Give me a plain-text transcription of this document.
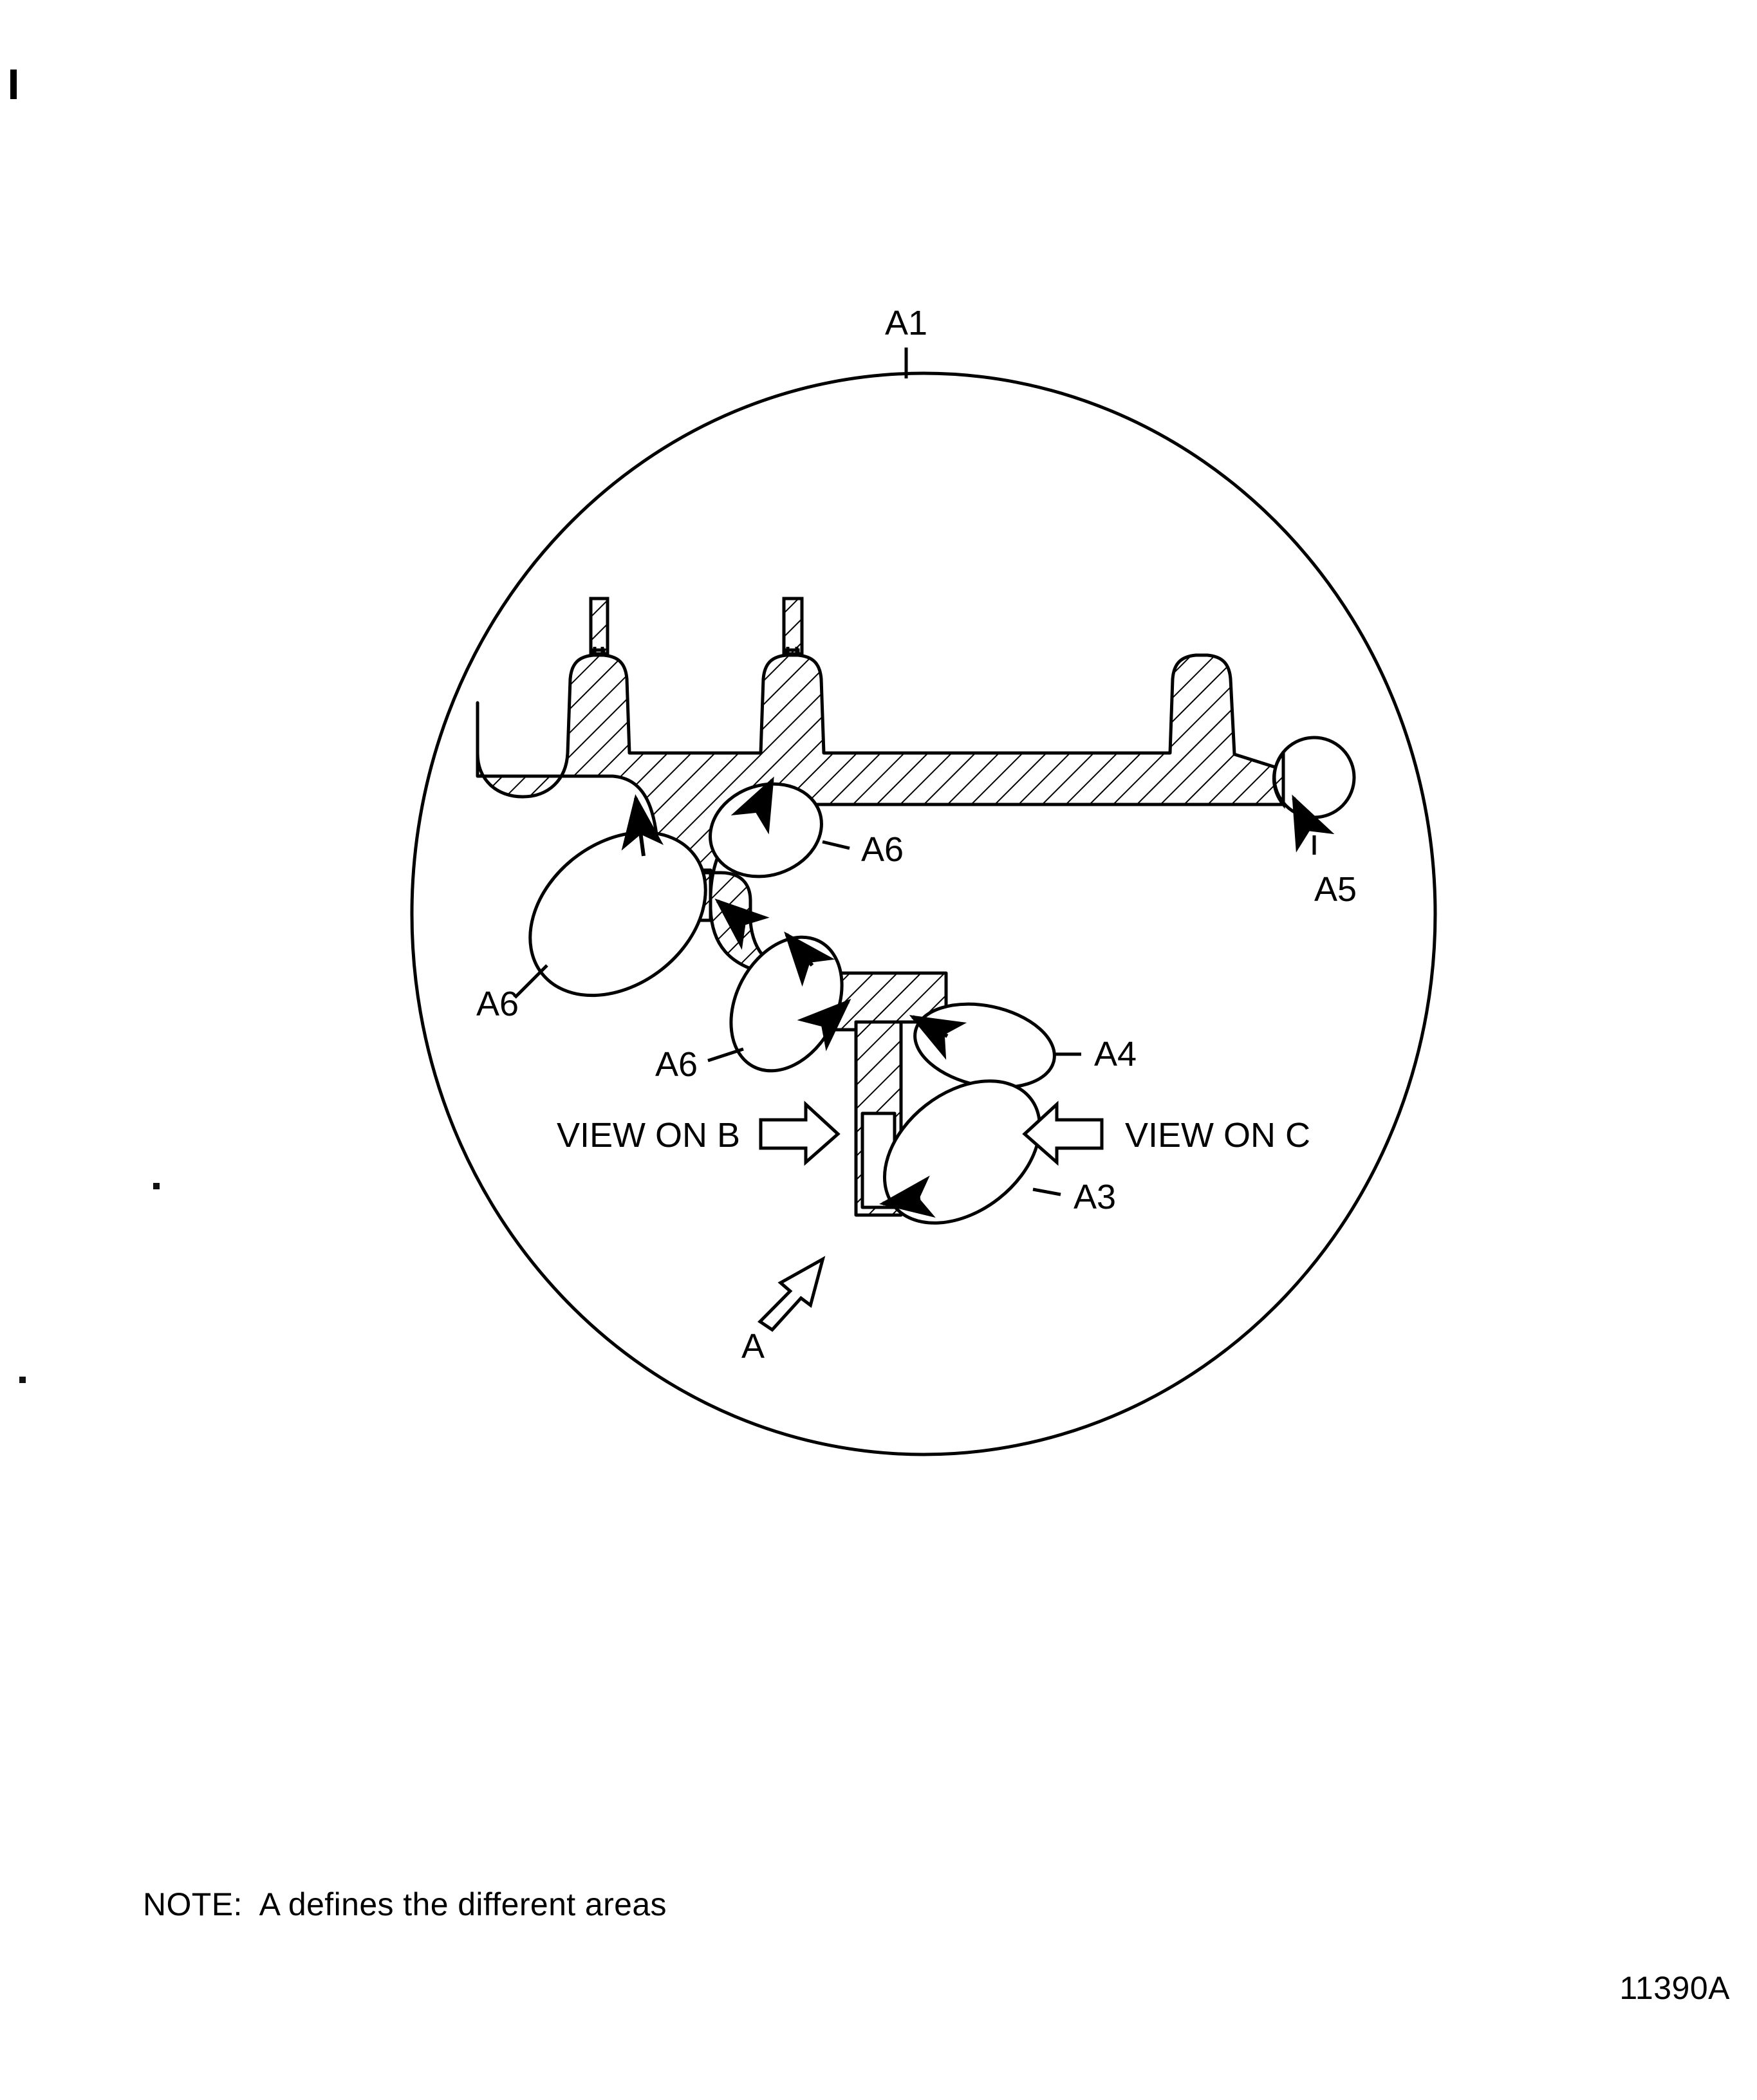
A1
A5
A6
A6
A6	A4
A3
VIEW ON B	VIEW ON C
A
NOTE:  A defines the different areas
11390A
